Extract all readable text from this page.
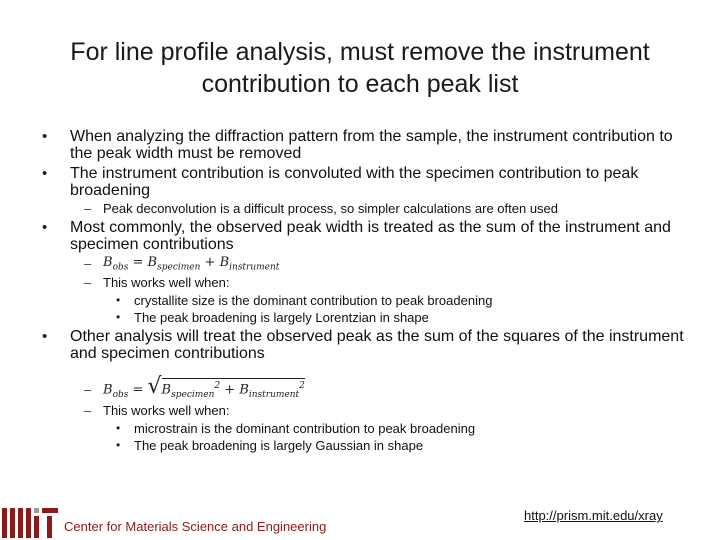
For line profile analysis, must remove the instrument contribution to each peak list
• When analyzing the diffraction pattern from the sample, the instrument contribution to the peak width must be removed

• The instrument contribution is convoluted with the specimen contribution to peak broadening

– Peak deconvolution is a difficult process, so simpler calculations are often used

• Most commonly, the observed peak width is treated as the sum of the instrument and specimen contributions

– $B_{obs} = B_{specimen} + B_{instrument}$
– This works well when:

• crystallite size is the dominant contribution to peak broadening

• The peak broadening is largely Lorentzian in shape

• Other analysis will treat the observed peak as the sum of the squares of the instrument and specimen contributions

– $B_{obs}$ = √ $B_{specimen}^2 + B_{instrument}^2$
– This works well when:

• microstrain is the dominant contribution to peak broadening

• The peak broadening is largely Gaussian in shape

Center for Materials Science and Engineering
http://prism.mit.edu/xray
